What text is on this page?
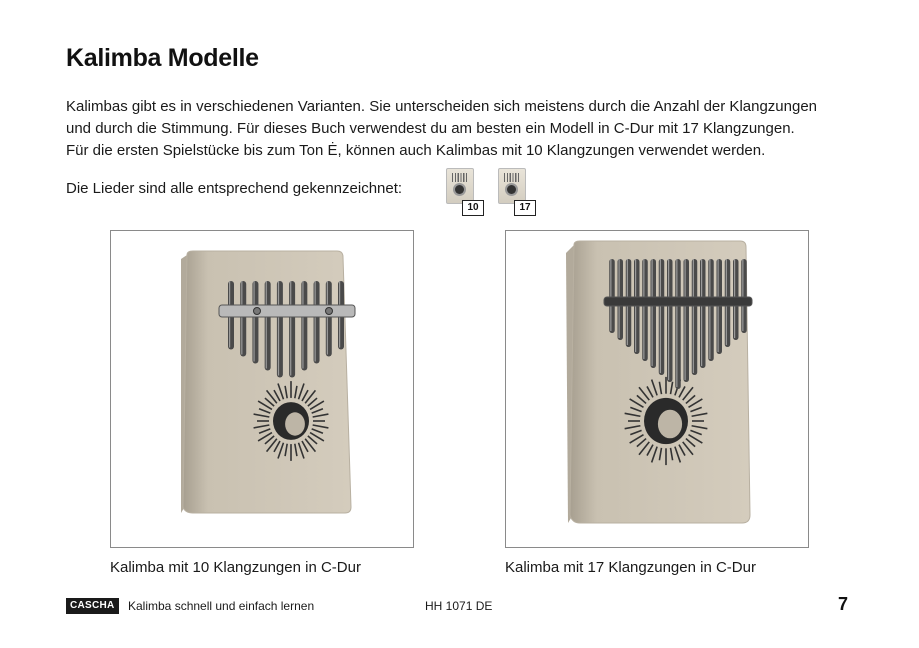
Kalimba Modelle

Kalimbas gibt es in verschiedenen Varianten. Sie unterscheiden sich meistens durch die Anzahl der Klangzungen
und durch die Stimmung. Für dieses Buch verwendest du am besten ein Modell in C-Dur mit 17 Klangzungen.
Für die ersten Spielstücke bis zum Ton Ė, können auch Kalimbas mit 10 Klangzungen verwendet werden.

Die Lieder sind alle entsprechend gekennzeichnet:
10	17
Kalimba mit 10 Klangzungen in C-Dur	Kalimba mit 17 Klangzungen in C-Dur
CASCHA	Kalimba schnell und einfach lernen	HH 1071 DE	7
